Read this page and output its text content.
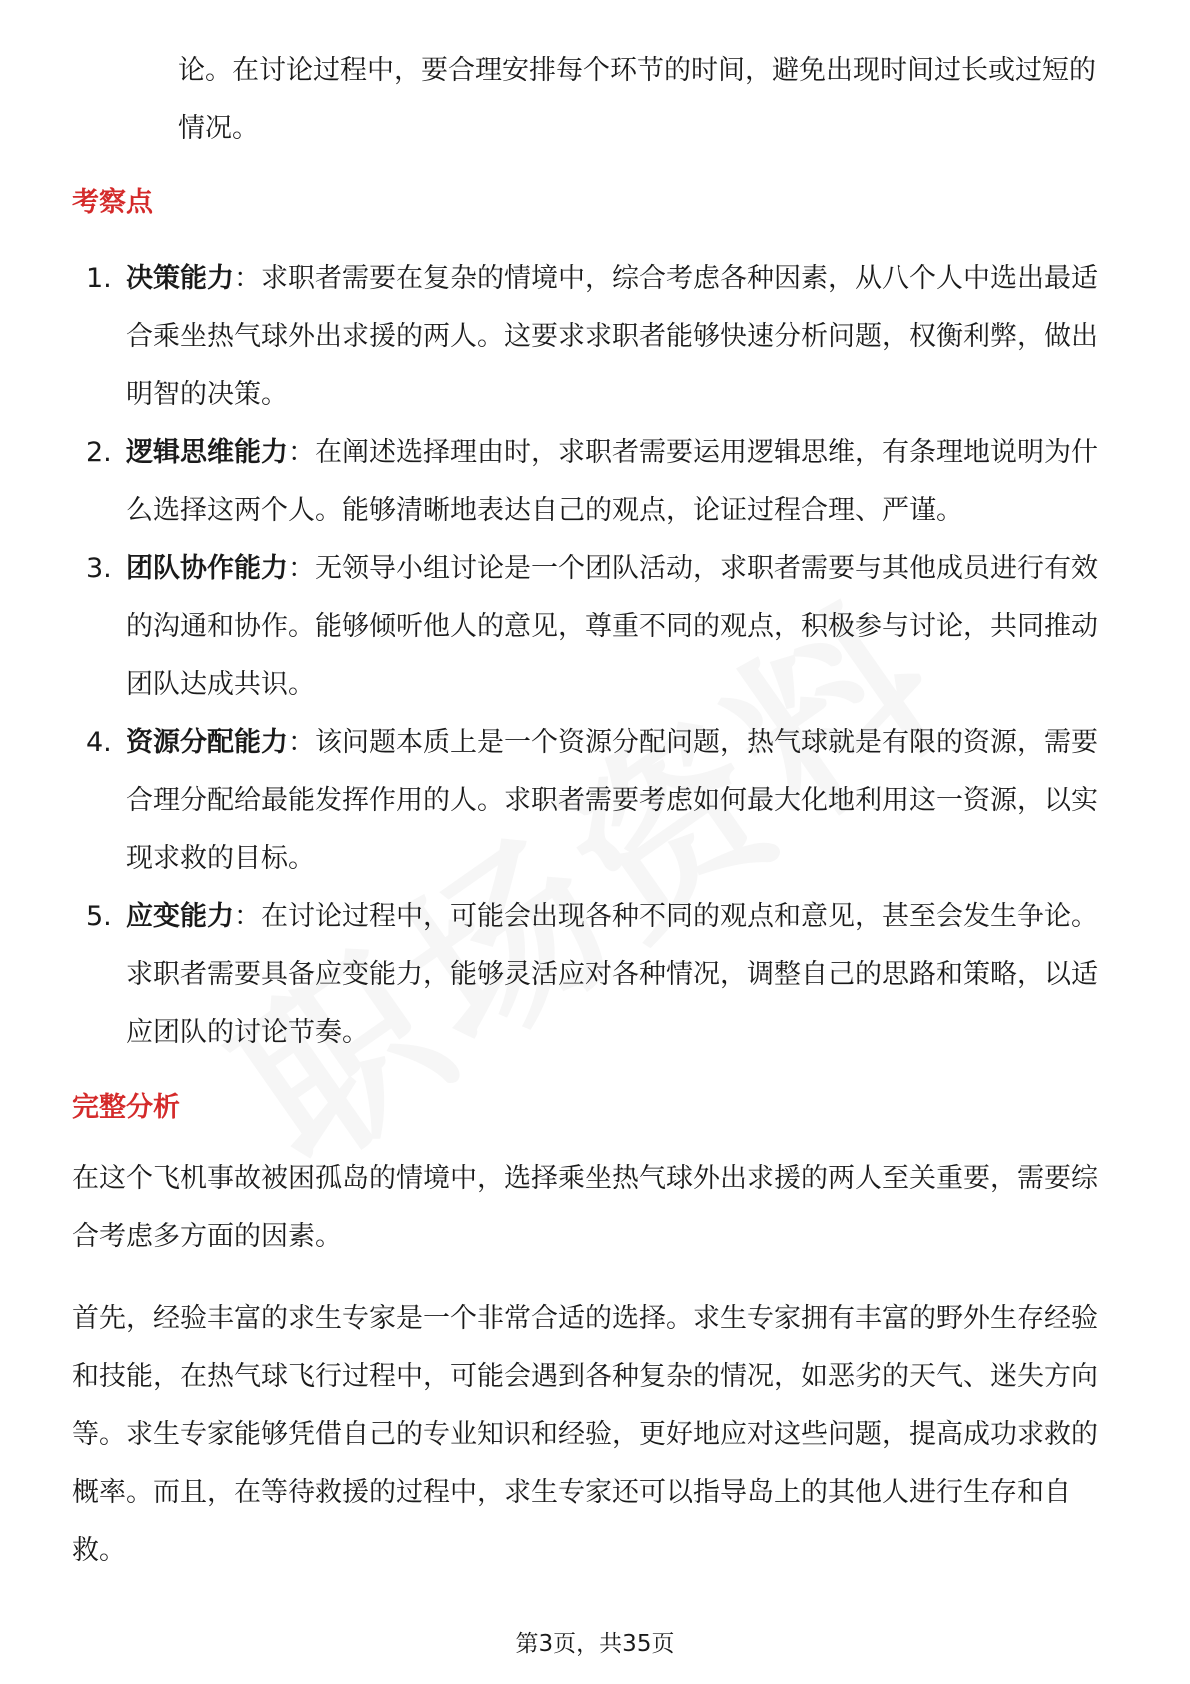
论。在讨论过程中，要合理安排每个环节的时间，避免出现时间过长或过短的情况。

考察点
1. 决策能力：求职者需要在复杂的情境中，综合考虑各种因素，从八个人中选出最适合乘坐热气球外出求援的两人。这要求求职者能够快速分析问题，权衡利弊，做出明智的决策。
2. 逻辑思维能力：在阐述选择理由时，求职者需要运用逻辑思维，有条理地说明为什么选择这两个人。能够清晰地表达自己的观点，论证过程合理、严谨。
3. 团队协作能力：无领导小组讨论是一个团队活动，求职者需要与其他成员进行有效的沟通和协作。能够倾听他人的意见，尊重不同的观点，积极参与讨论，共同推动团队达成共识。
4. 资源分配能力：该问题本质上是一个资源分配问题，热气球就是有限的资源，需要合理分配给最能发挥作用的人。求职者需要考虑如何最大化地利用这一资源，以实现求救的目标。
5. 应变能力：在讨论过程中，可能会出现各种不同的观点和意见，甚至会发生争论。求职者需要具备应变能力，能够灵活应对各种情况，调整自己的思路和策略，以适应团队的讨论节奏。
完整分析

在这个飞机事故被困孤岛的情境中，选择乘坐热气球外出求援的两人至关重要，需要综合考虑多方面的因素。

首先，经验丰富的求生专家是一个非常合适的选择。求生专家拥有丰富的野外生存经验和技能，在热气球飞行过程中，可能会遇到各种复杂的情况，如恶劣的天气、迷失方向等。求生专家能够凭借自己的专业知识和经验，更好地应对这些问题，提高成功求救的概率。而且，在等待救援的过程中，求生专家还可以指导岛上的其他人进行生存和自救。

第3页，共35页
